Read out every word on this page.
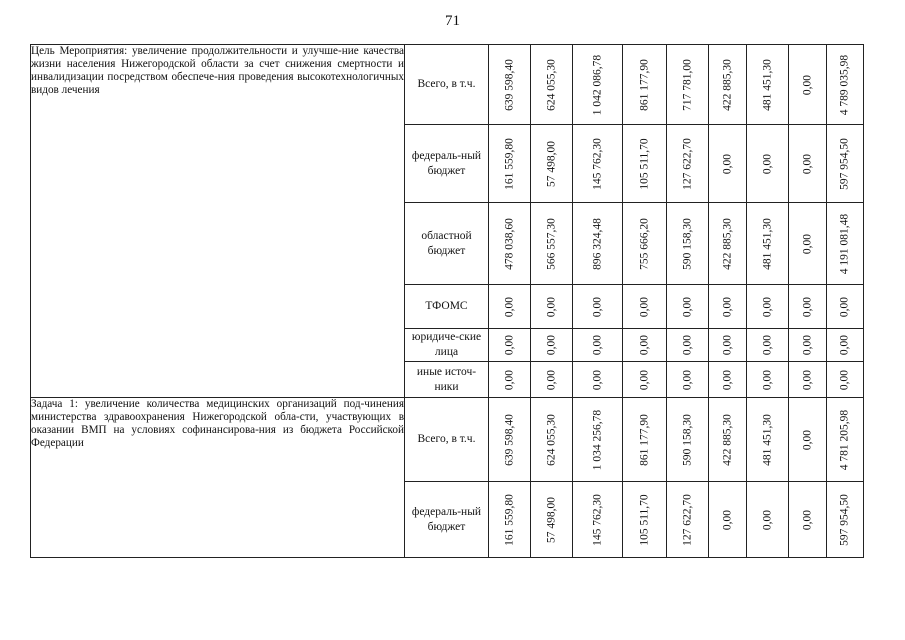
71
Цель Мероприятия: увеличение продолжительности и улучше-ние качества жизни населения Нижегородской области за счет снижения смертности и инвалидизации посредством обеспече-ния проведения высокотехнологичных видов лечения	Всего, в т.ч.	639 598,40	624 055,30	1 042 086,78	861 177,90	717 781,00	422 885,30	481 451,30	0,00	4 789 035,98

	федераль-ный бюджет	161 559,80	57 498,00	145 762,30	105 511,70	127 622,70	0,00	0,00	0,00	597 954,50

	областной бюджет	478 038,60	566 557,30	896 324,48	755 666,20	590 158,30	422 885,30	481 451,30	0,00	4 191 081,48

	ТФОМС	0,00	0,00	0,00	0,00	0,00	0,00	0,00	0,00	0,00

	юридиче-ские лица	0,00	0,00	0,00	0,00	0,00	0,00	0,00	0,00	0,00

	иные источ-ники	0,00	0,00	0,00	0,00	0,00	0,00	0,00	0,00	0,00

Задача 1: увеличение количества медицинских организаций под-чинения министерства здравоохранения Нижегородской обла-сти, участвующих в оказании ВМП на условиях софинансирова-ния из бюджета Российской Федерации	Всего, в т.ч.	639 598,40	624 055,30	1 034 256,78	861 177,90	590 158,30	422 885,30	481 451,30	0,00	4 781 205,98

	федераль-ный бюджет	161 559,80	57 498,00	145 762,30	105 511,70	127 622,70	0,00	0,00	0,00	597 954,50
